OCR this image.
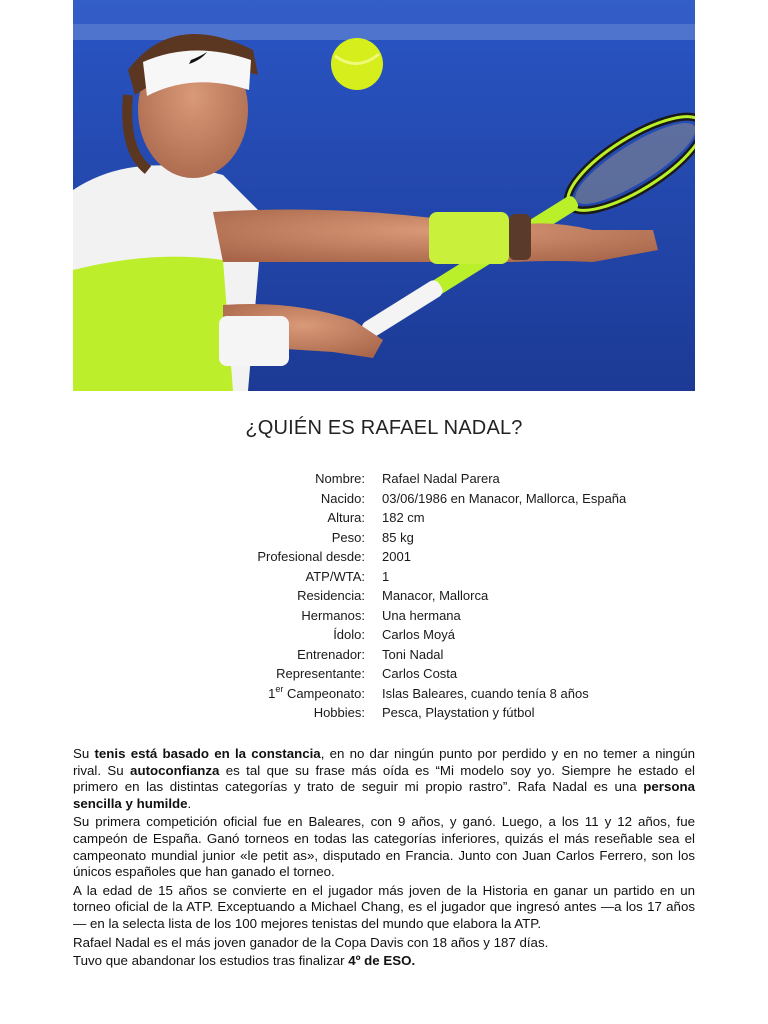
¿QUIÉN ES RAFAEL NADAL?
Nombre: Rafael Nadal Parera
Nacido: 03/06/1986 en Manacor, Mallorca, España
Altura: 182 cm
Peso: 85 kg
Profesional desde: 2001
ATP/WTA: 1
Residencia: Manacor, Mallorca
Hermanos: Una hermana
Ídolo: Carlos Moyá
Entrenador: Toni Nadal
Representante: Carlos Costa
1er Campeonato: Islas Baleares, cuando tenía 8 años
Hobbies: Pesca, Playstation y fútbol

Su tenis está basado en la constancia, en no dar ningún punto por perdido y en no temer a ningún rival. Su autoconfianza es tal que su frase más oída es “Mi modelo soy yo. Siempre he estado el primero en las distintas categorías y trato de seguir mi propio rastro”. Rafa Nadal es una persona sencilla y humilde.

Su primera competición oficial fue en Baleares, con 9 años, y ganó. Luego, a los 11 y 12 años, fue campeón de España. Ganó torneos en todas las categorías inferiores, quizás el más reseñable sea el campeonato mundial junior «le petit as», disputado en Francia. Junto con Juan Carlos Ferrero, son los únicos españoles que han ganado el torneo.

A la edad de 15 años se convierte en el jugador más joven de la Historia en ganar un partido en un torneo oficial de la ATP. Exceptuando a Michael Chang, es el jugador que ingresó antes —a los 17 años— en la selecta lista de los 100 mejores tenistas del mundo que elabora la ATP.

Rafael Nadal es el más joven ganador de la Copa Davis con 18 años y 187 días.

Tuvo que abandonar los estudios tras finalizar 4º de ESO.
